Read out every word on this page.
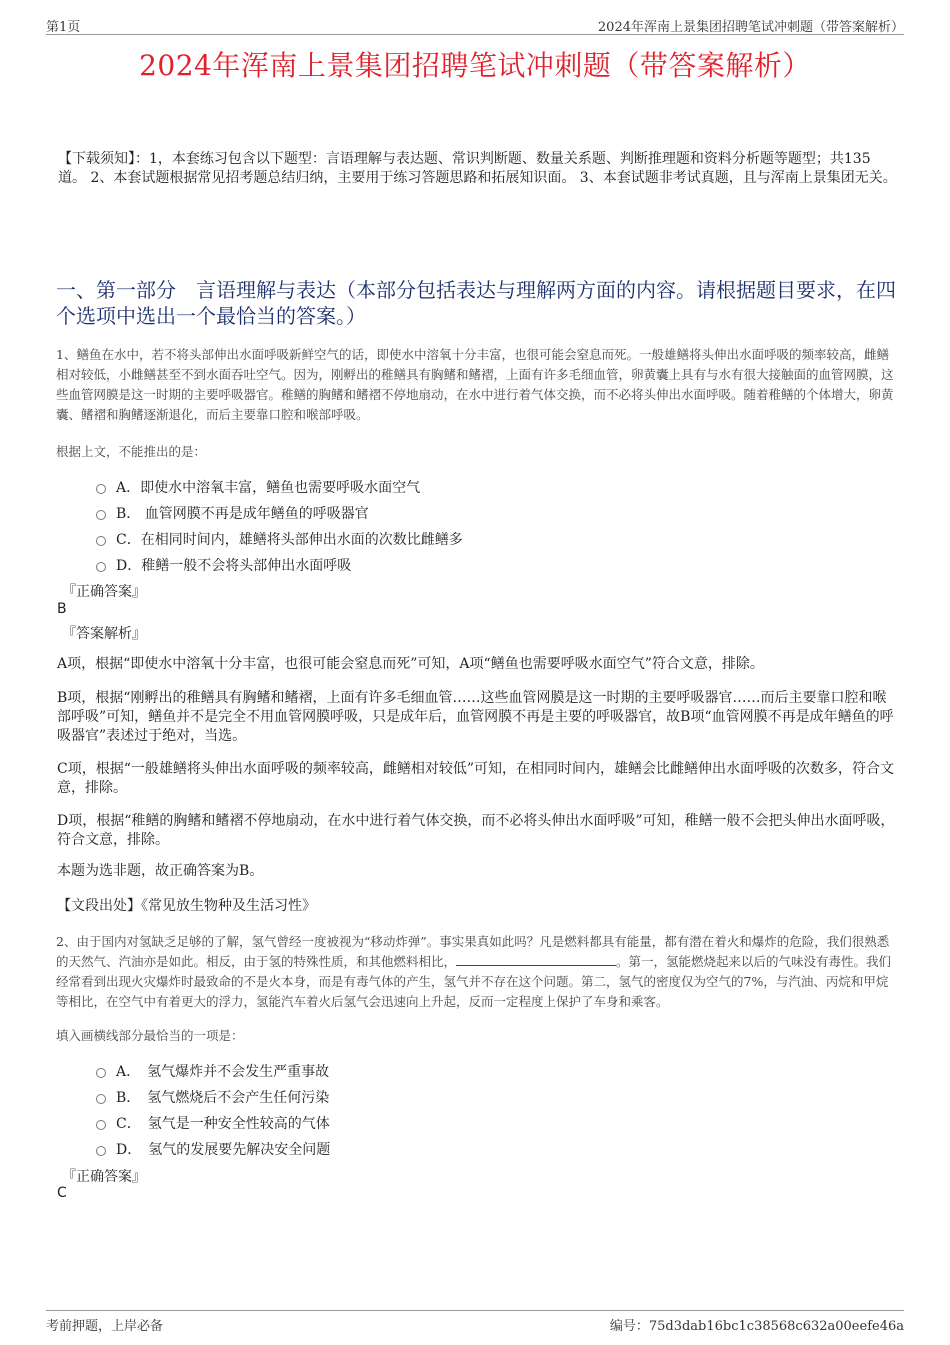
第1页	2024年浑南上景集团招聘笔试冲刺题（带答案解析）
2024年浑南上景集团招聘笔试冲刺题（带答案解析）
【下载须知】：1，本套练习包含以下题型：言语理解与表达题、常识判断题、数量关系题、判断推理题和资料分析题等题型；共135道。 2、本套试题根据常见招考题总结归纳，主要用于练习答题思路和拓展知识面。 3、本套试题非考试真题，且与浑南上景集团无关。
一、第一部分　言语理解与表达（本部分包括表达与理解两方面的内容。请根据题目要求，在四个选项中选出一个最恰当的答案。）
1、鳝鱼在水中，若不将头部伸出水面呼吸新鲜空气的话，即使水中溶氧十分丰富，也很可能会窒息而死。一般雄鳝将头伸出水面呼吸的频率较高，雌鳝相对较低，小雌鳝甚至不到水面吞吐空气。因为，刚孵出的稚鳝具有胸鳍和鳍褶，上面有许多毛细血管，卵黄囊上具有与水有很大接触面的血管网膜，这些血管网膜是这一时期的主要呼吸器官。稚鳝的胸鳍和鳍褶不停地扇动，在水中进行着气体交换，而不必将头伸出水面呼吸。随着稚鳝的个体增大，卵黄囊、鳍褶和胸鳍逐渐退化，而后主要靠口腔和喉部呼吸。
根据上文，不能推出的是：
A．即使水中溶氧丰富，鳝鱼也需要呼吸水面空气
B． 血管网膜不再是成年鳝鱼的呼吸器官
C．在相同时间内，雄鳝将头部伸出水面的次数比雌鳝多
D．稚鳝一般不会将头部伸出水面呼吸
『正确答案』
B
『答案解析』
A项，根据“即使水中溶氧十分丰富，也很可能会窒息而死”可知，A项“鳝鱼也需要呼吸水面空气”符合文意，排除。
B项，根据“刚孵出的稚鳝具有胸鳍和鳍褶，上面有许多毛细血管……这些血管网膜是这一时期的主要呼吸器官……而后主要靠口腔和喉部呼吸”可知，鳝鱼并不是完全不用血管网膜呼吸，只是成年后，血管网膜不再是主要的呼吸器官，故B项“血管网膜不再是成年鳝鱼的呼吸器官”表述过于绝对，当选。
C项，根据“一般雄鳝将头伸出水面呼吸的频率较高，雌鳝相对较低”可知，在相同时间内，雄鳝会比雌鳝伸出水面呼吸的次数多，符合文意，排除。
D项，根据“稚鳝的胸鳍和鳍褶不停地扇动，在水中进行着气体交换，而不必将头伸出水面呼吸”可知，稚鳝一般不会把头伸出水面呼吸，符合文意，排除。
本题为选非题，故正确答案为B。
【文段出处】《常见放生物种及生活习性》
2、由于国内对氢缺乏足够的了解，氢气曾经一度被视为“移动炸弹”。事实果真如此吗？凡是燃料都具有能量，都有潜在着火和爆炸的危险，我们很熟悉的天然气、汽油亦是如此。相反，由于氢的特殊性质，和其他燃料相比，	。第一，氢能燃烧起来以后的气味没有毒性。我们经常看到出现火灾爆炸时最致命的不是火本身，而是有毒气体的产生，氢气并不存在这个问题。第二，氢气的密度仅为空气的7%，与汽油、丙烷和甲烷等相比，在空气中有着更大的浮力，氢能汽车着火后氢气会迅速向上升起，反而一定程度上保护了车身和乘客。
填入画横线部分最恰当的一项是：
A．　氢气爆炸并不会发生严重事故
B．　氢气燃烧后不会产生任何污染
C．　氢气是一种安全性较高的气体
D．　氢气的发展要先解决安全问题
『正确答案』
C
考前押题，上岸必备	编号：75d3dab16bc1c38568c632a00eefe46a
